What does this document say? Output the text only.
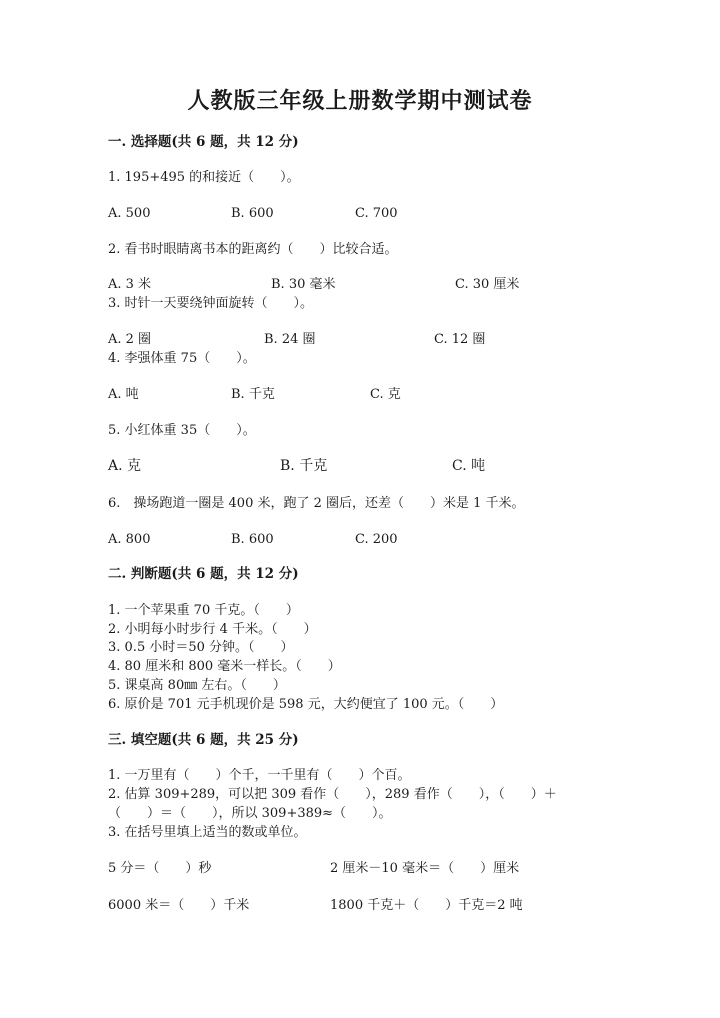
人教版三年级上册数学期中测试卷
一. 选择题(共 6 题，共 12 分)
1. 195+495 的和接近（　　）。
A. 500	B. 600	C. 700
2. 看书时眼睛离书本的距离约（　　）比较合适。
A. 3 米	B. 30 毫米	C. 30 厘米
3. 时针一天要绕钟面旋转（　　）。
A. 2 圈	B. 24 圈	C. 12 圈
4. 李强体重 75（　　）。
A. 吨	B. 千克	C. 克
5. 小红体重 35（　　）。
A. 克	B. 千克	C. 吨
6.　操场跑道一圈是 400 米，跑了 2 圈后，还差（　　）米是 1 千米。
A. 800	B. 600	C. 200
二. 判断题(共 6 题，共 12 分)
1. 一个苹果重 70 千克。（　　）
2. 小明每小时步行 4 千米。（　　）
3. 0.5 小时＝50 分钟。（　　）
4. 80 厘米和 800 毫米一样长。（　　）
5. 课桌高 80㎜ 左右。（　　）
6. 原价是 701 元手机现价是 598 元，大约便宜了 100 元。（　　）
三. 填空题(共 6 题，共 25 分)
1. 一万里有（　　）个千，一千里有（　　）个百。
2. 估算 309+289，可以把 309 看作（　　），289 看作（　　），（　　）＋
（　　）＝（　　），所以 309+389≈（　　）。
3. 在括号里填上适当的数或单位。
5 分＝（　　）秒	2 厘米－10 毫米＝（　　）厘米
6000 米＝（　　）千米	1800 千克＋（　　）千克＝2 吨
